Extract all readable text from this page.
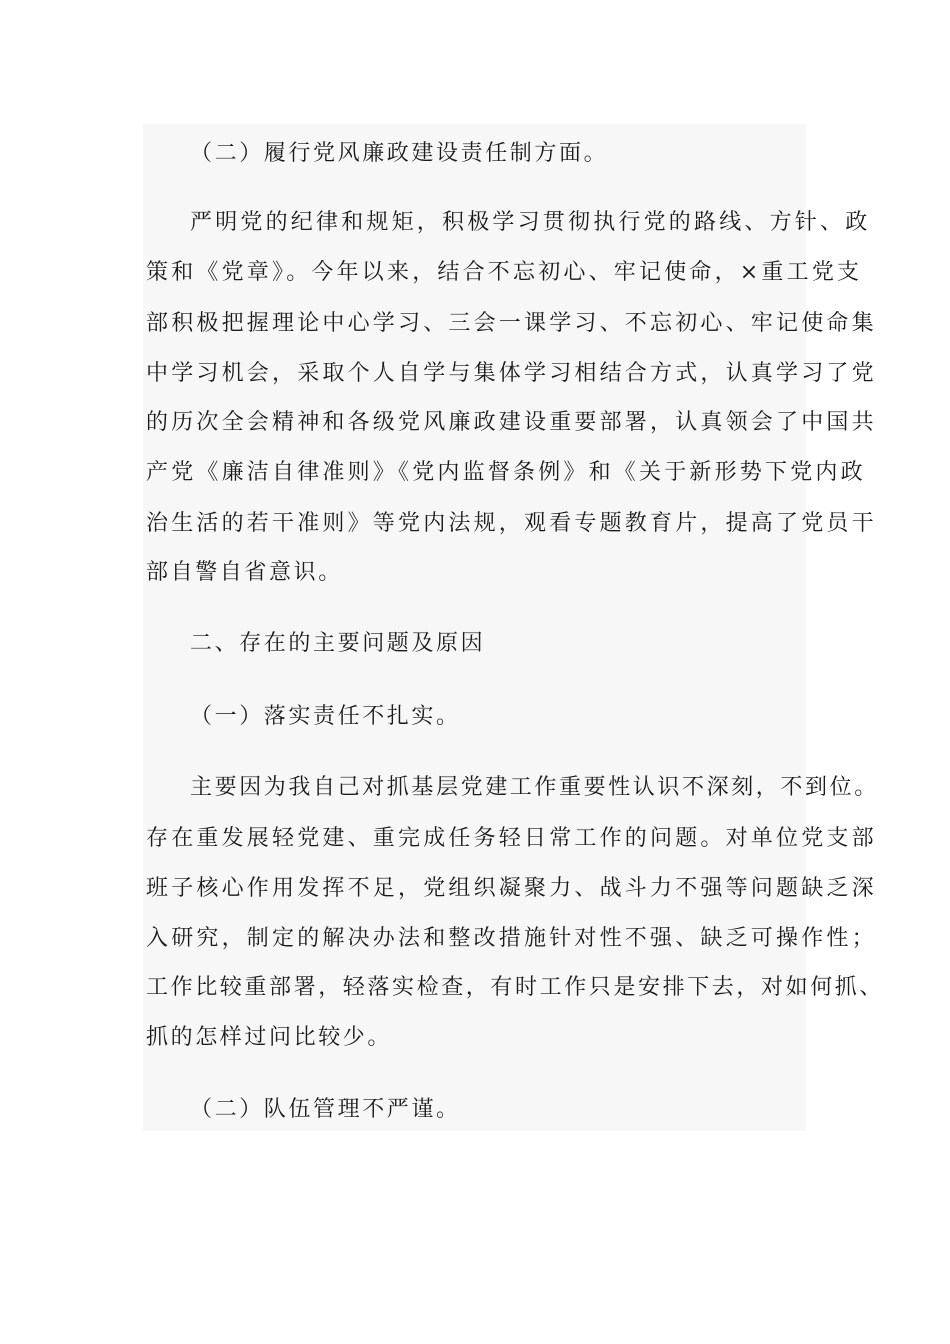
（二）履行党风廉政建设责任制方面。
严明党的纪律和规矩，积极学习贯彻执行党的路线、方针、政
策和《党章》。今年以来，结合不忘初心、牢记使命，×重工党支
部积极把握理论中心学习、三会一课学习、不忘初心、牢记使命集
中学习机会，采取个人自学与集体学习相结合方式，认真学习了党
的历次全会精神和各级党风廉政建设重要部署，认真领会了中国共
产党《廉洁自律准则》《党内监督条例》和《关于新形势下党内政
治生活的若干准则》等党内法规，观看专题教育片，提高了党员干
部自警自省意识。
二、存在的主要问题及原因
（一）落实责任不扎实。
主要因为我自己对抓基层党建工作重要性认识不深刻，不到位。
存在重发展轻党建、重完成任务轻日常工作的问题。对单位党支部
班子核心作用发挥不足，党组织凝聚力、战斗力不强等问题缺乏深
入研究，制定的解决办法和整改措施针对性不强、缺乏可操作性；
工作比较重部署，轻落实检查，有时工作只是安排下去，对如何抓、
抓的怎样过问比较少。
（二）队伍管理不严谨。
